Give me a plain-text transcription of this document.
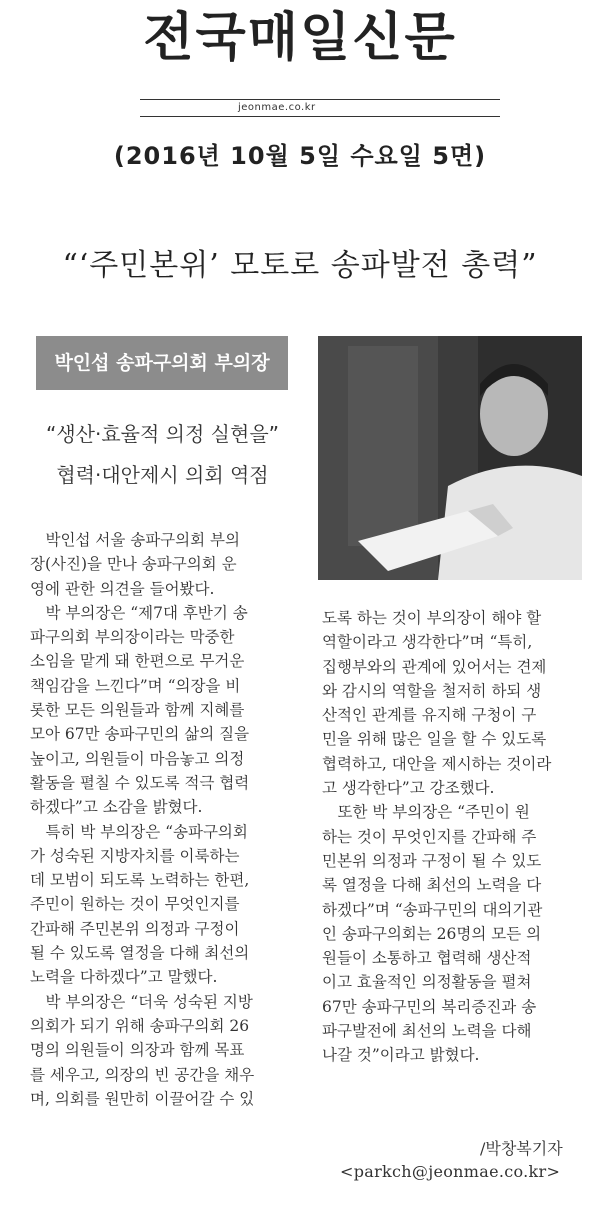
전국매일신문
jeonmae.co.kr
(2016년 10월 5일 수요일 5면)
“‘주민본위’ 모토로 송파발전 총력”
박인섭 송파구의회 부의장
“생산·효율적 의정 실현을”
협력·대안제시 의회 역점
　박인섭 서울 송파구의회 부의
장(사진)을 만나 송파구의회 운
영에 관한 의견을 들어봤다.
　박 부의장은 “제7대 후반기 송
파구의회 부의장이라는 막중한
소임을 맡게 돼 한편으로 무거운
책임감을 느낀다”며 “의장을 비
롯한 모든 의원들과 함께 지혜를
모아 67만 송파구민의 삶의 질을
높이고, 의원들이 마음놓고 의정
활동을 펼칠 수 있도록 적극 협력
하겠다”고 소감을 밝혔다.
　특히 박 부의장은 “송파구의회
가 성숙된 지방자치를 이룩하는
데 모범이 되도록 노력하는 한편,
주민이 원하는 것이 무엇인지를
간파해 주민본위 의정과 구정이
될 수 있도록 열정을 다해 최선의
노력을 다하겠다”고 말했다.
　박 부의장은 “더욱 성숙된 지방
의회가 되기 위해 송파구의회 26
명의 의원들이 의장과 함께 목표
를 세우고, 의장의 빈 공간을 채우
며, 의회를 원만히 이끌어갈 수 있
도록 하는 것이 부의장이 해야 할
역할이라고 생각한다”며 “특히,
집행부와의 관계에 있어서는 견제
와 감시의 역할을 철저히 하되 생
산적인 관계를 유지해 구청이 구
민을 위해 많은 일을 할 수 있도록
협력하고, 대안을 제시하는 것이라
고 생각한다”고 강조했다.
　또한 박 부의장은 “주민이 원
하는 것이 무엇인지를 간파해 주
민본위 의정과 구정이 될 수 있도
록 열정을 다해 최선의 노력을 다
하겠다”며 “송파구민의 대의기관
인 송파구의회는 26명의 모든 의
원들이 소통하고 협력해 생산적
이고 효율적인 의정활동을 펼쳐
67만 송파구민의 복리증진과 송
파구발전에 최선의 노력을 다해
나갈 것”이라고 밝혔다.
/박창복기자
<parkch@jeonmae.co.kr>
